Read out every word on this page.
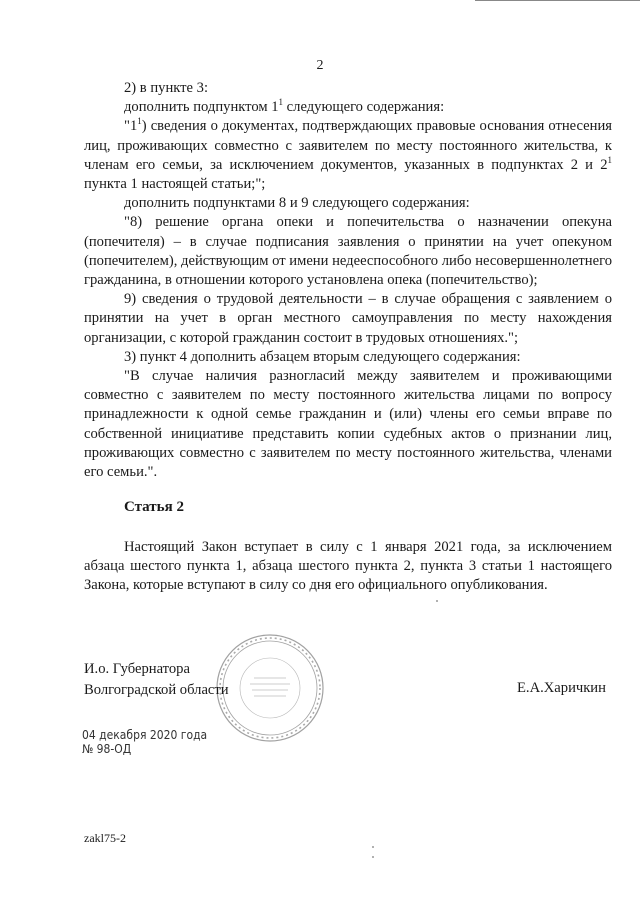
2

2) в пункте 3:

дополнить подпунктом $1^1$ следующего содержания:

"$1^1$) сведения о документах, подтверждающих правовые основания отнесения лиц, проживающих совместно с заявителем по месту постоянного жительства, к членам его семьи, за исключением документов, указанных в подпунктах 2 и $2^1$ пункта 1 настоящей статьи;";

дополнить подпунктами 8 и 9 следующего содержания:

"8) решение органа опеки и попечительства о назначении опекуна (попечителя) – в случае подписания заявления о принятии на учет опекуном (попечителем), действующим от имени недееспособного либо несовершеннолетнего гражданина, в отношении которого установлена опека (попечительство);

9) сведения о трудовой деятельности – в случае обращения с заявлением о принятии на учет в орган местного самоуправления по месту нахождения организации, с которой гражданин состоит в трудовых отношениях.";

3) пункт 4 дополнить абзацем вторым следующего содержания:

"В случае наличия разногласий между заявителем и проживающими совместно с заявителем по месту постоянного жительства лицами по вопросу принадлежности к одной семье гражданин и (или) члены его семьи вправе по собственной инициативе представить копии судебных актов о признании лиц, проживающих совместно с заявителем по месту постоянного жительства, членами его семьи.".

Статья 2

Настоящий Закон вступает в силу с 1 января 2021 года, за исключением абзаца шестого пункта 1, абзаца шестого пункта 2, пункта 3 статьи 1 настоящего Закона, которые вступают в силу со дня его официального опубликования.

И.о. Губернатора
Волгоградской области	Е.А.Харичкин
04 декабря 2020 года
№ 98-ОД
zakl75-2
